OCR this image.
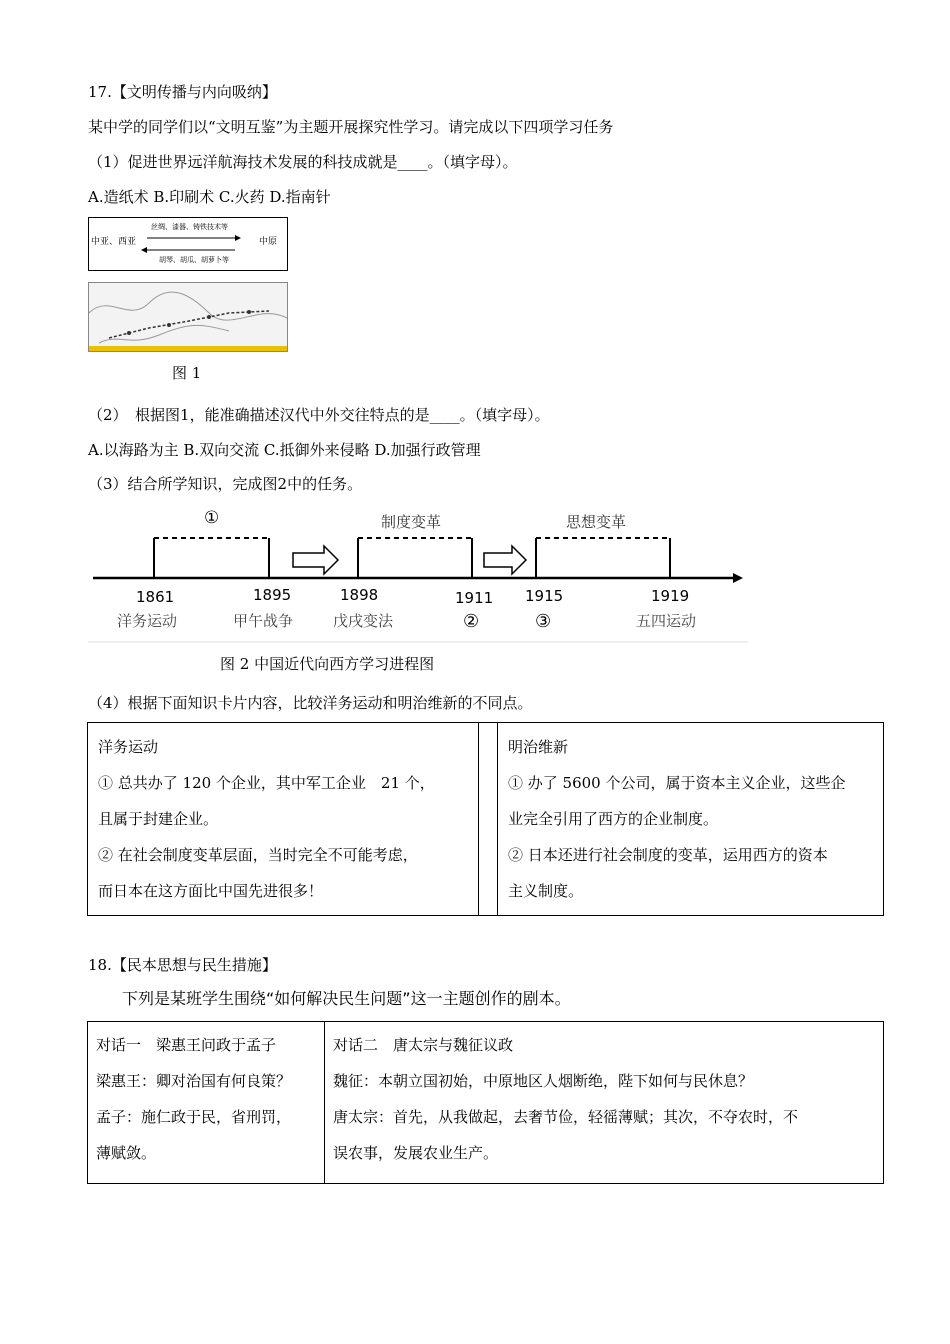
17.【文明传播与内向吸纳】
某中学的同学们以“文明互鉴”为主题开展探究性学习。请完成以下四项学习任务
（1）促进世界远洋航海技术发展的科技成就是____。（填字母）。
A.造纸术 B.印刷术 C.火药 D.指南针
中亚、西亚	中原
丝绸、漆器、铸铁技术等
胡琴、胡瓜、胡萝卜等
图 1
（2）　根据图1，能准确描述汉代中外交往特点的是____。（填字母）。
A.以海路为主 B.双向交流 C.抵御外来侵略 D.加强行政管理
（3）结合所学知识，完成图2中的任务。
①	制度变革	思想变革
1861	1895	1898	1911 1915	1919
洋务运动	甲午战争	戊戌变法	②	③	五四运动
图 2 中国近代向西方学习进程图
（4）根据下面知识卡片内容，比较洋务运动和明治维新的不同点。
洋务运动
① 总共办了 120 个企业，其中军工企业　21 个，
且属于封建企业。
② 在社会制度变革层面，当时完全不可能考虑，
而日本在这方面比中国先进很多！

明治维新
① 办了 5600 个公司，属于资本主义企业，这些企
业完全引用了西方的企业制度。
② 日本还进行社会制度的变革，运用西方的资本
主义制度。
18.【民本思想与民生措施】
下列是某班学生围绕“如何解决民生问题”这一主题创作的剧本。
对话一　梁惠王问政于孟子
梁惠王：卿对治国有何良策？
孟子：施仁政于民，省刑罚，
薄赋敛。

对话二　唐太宗与魏征议政
魏征：本朝立国初始，中原地区人烟断绝，陛下如何与民休息？
唐太宗：首先，从我做起，去奢节俭，轻徭薄赋；其次，不夺农时，不
误农事，发展农业生产。
